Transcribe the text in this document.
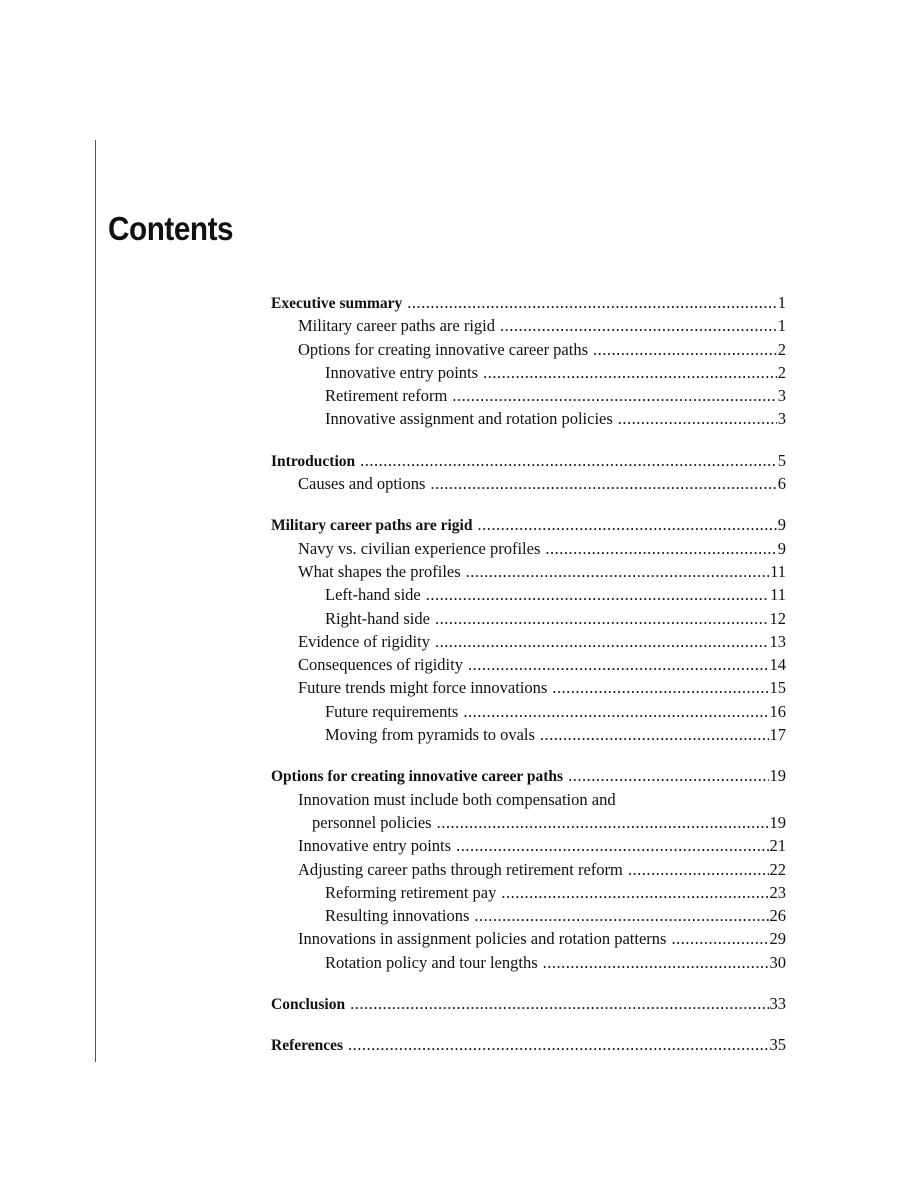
Contents
Executive summary .....	1
Military career paths are rigid .....	1
Options for creating innovative career paths .....	2
Innovative entry points .....	2
Retirement reform .....	3
Innovative assignment and rotation policies .....	3
Introduction .....	5
Causes and options .....	6
Military career paths are rigid .....	9
Navy vs. civilian experience profiles .....	9
What shapes the profiles .....	11
Left-hand side .....	11
Right-hand side .....	12
Evidence of rigidity .....	13
Consequences of rigidity .....	14
Future trends might force innovations .....	15
Future requirements .....	16
Moving from pyramids to ovals .....	17
Options for creating innovative career paths .....	19
Innovation must include both compensation and
personnel policies .....	19
Innovative entry points .....	21
Adjusting career paths through retirement reform .....	22
Reforming retirement pay .....	23
Resulting innovations .....	26
Innovations in assignment policies and rotation patterns .....	29
Rotation policy and tour lengths .....	30
Conclusion .....	33
References .....	35
